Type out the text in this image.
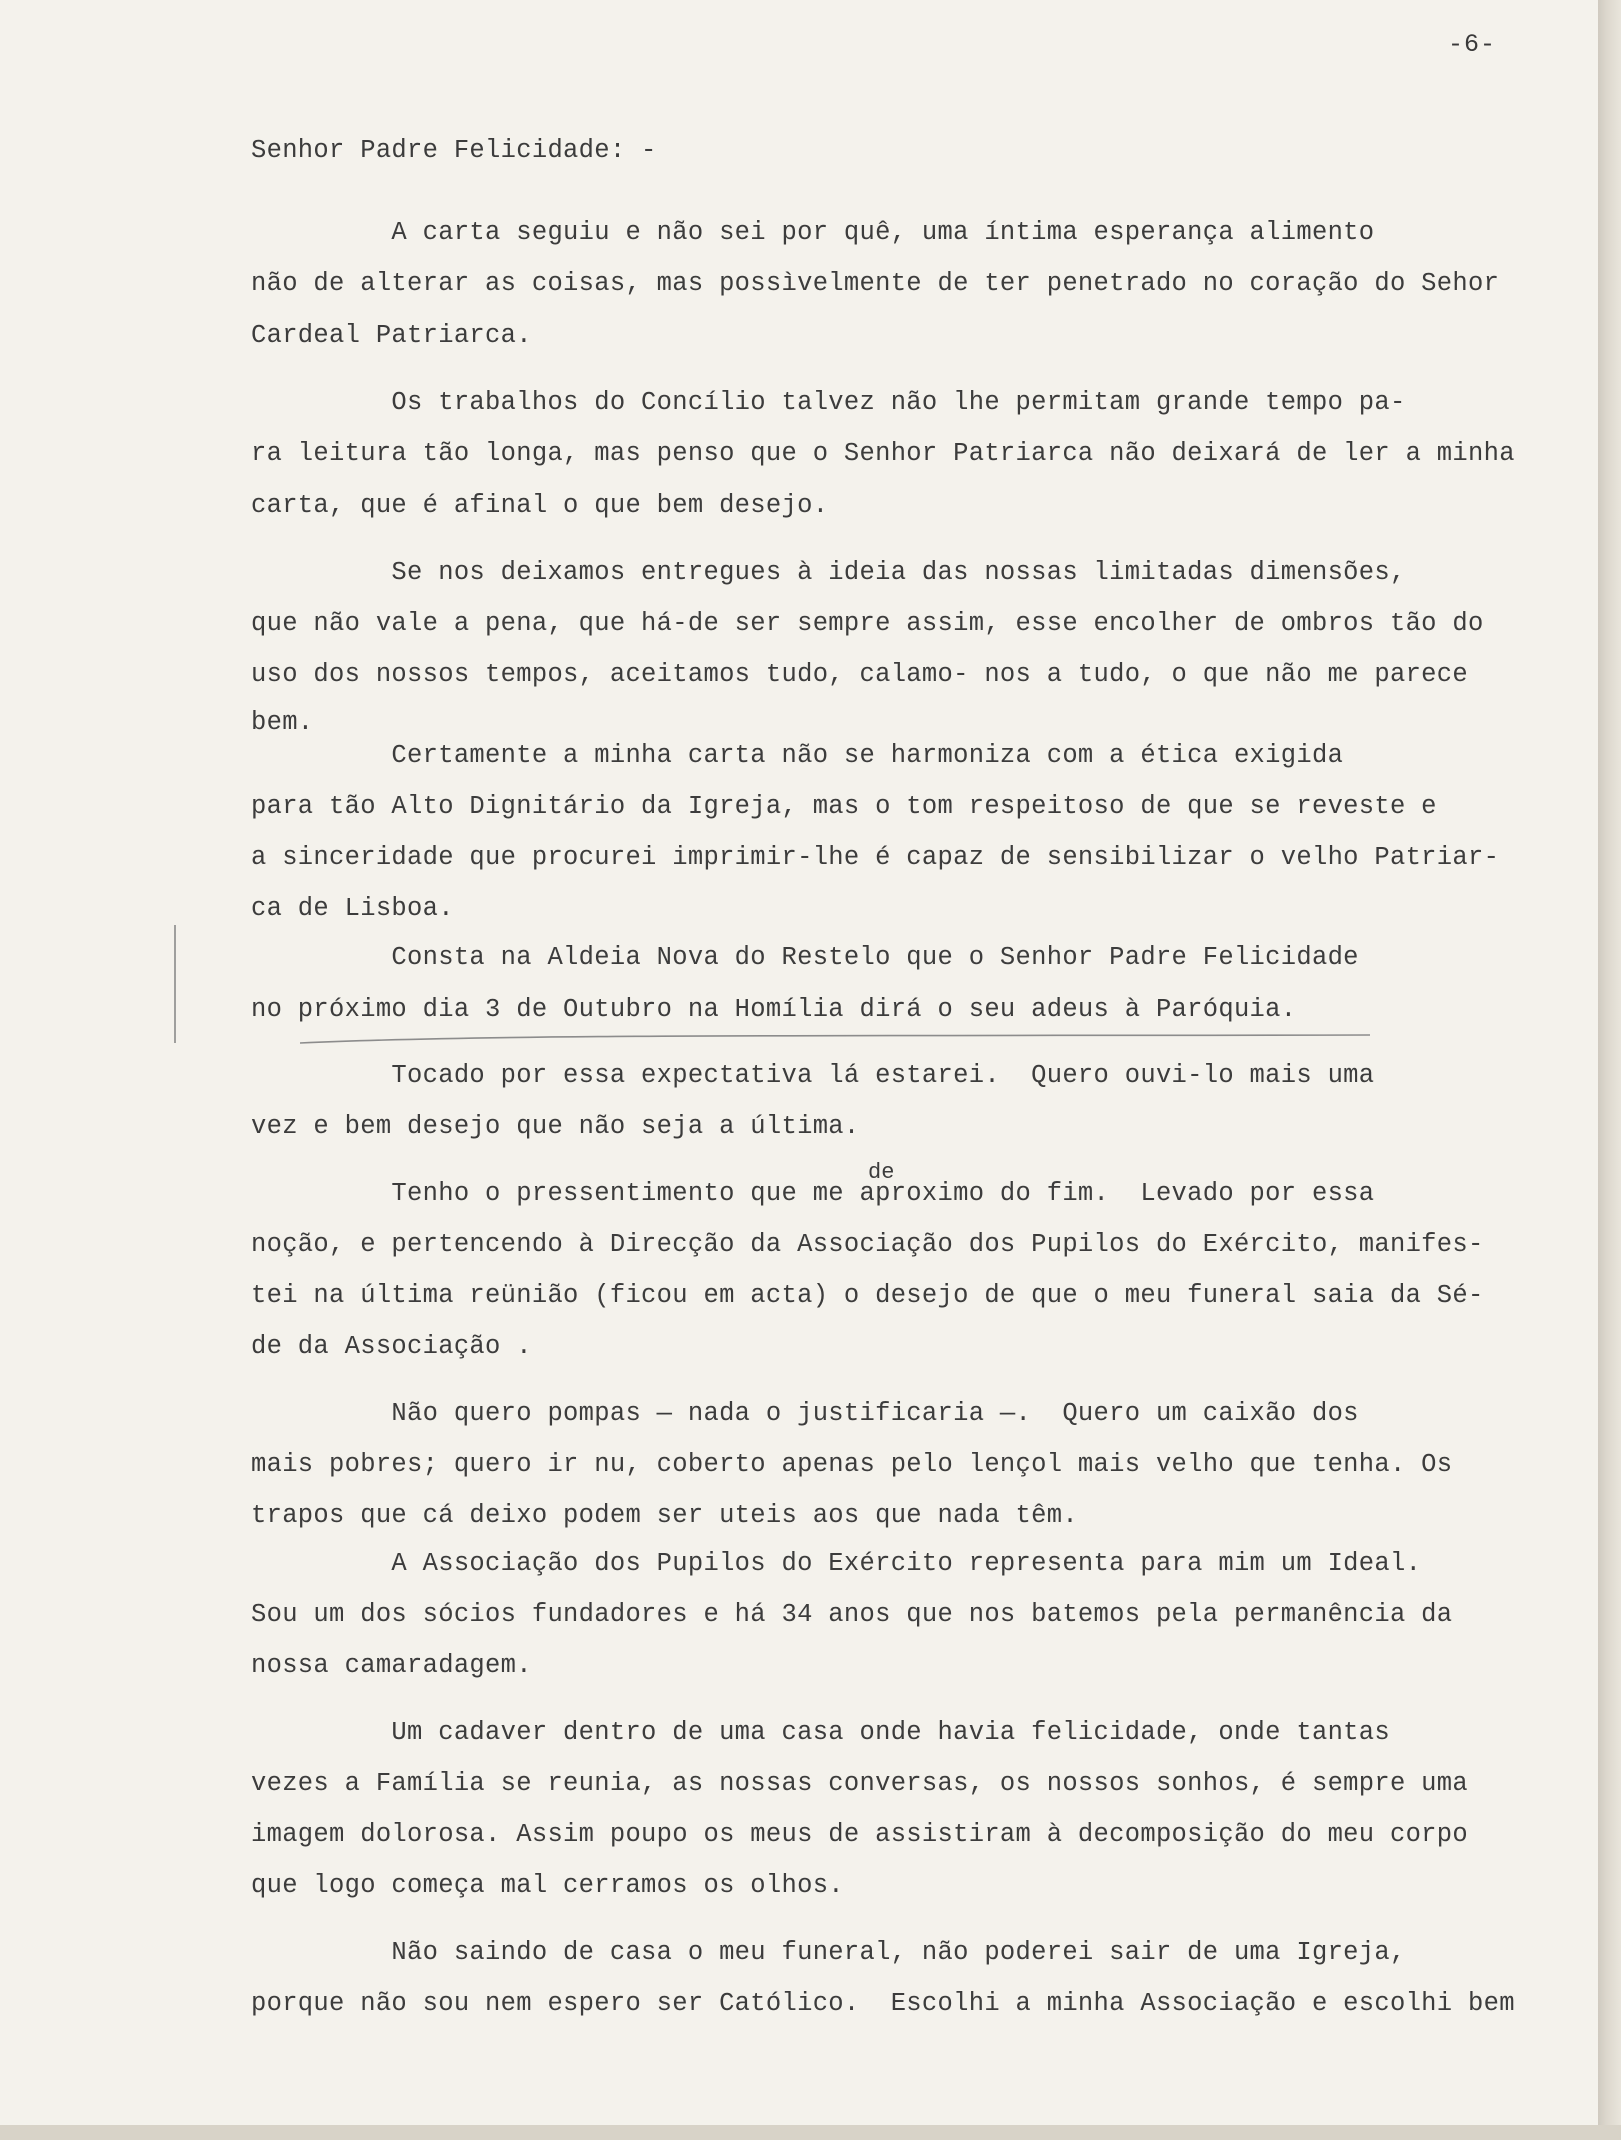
-6-
Senhor Padre Felicidade: -
A carta seguiu e não sei por quê, uma íntima esperança alimento
não de alterar as coisas, mas possìvelmente de ter penetrado no coração do Sehor
Cardeal Patriarca.
Os trabalhos do Concílio talvez não lhe permitam grande tempo pa-
ra leitura tão longa, mas penso que o Senhor Patriarca não deixará de ler a minha
carta, que é afinal o que bem desejo.
Se nos deixamos entregues à ideia das nossas limitadas dimensões,
que não vale a pena, que há-de ser sempre assim, esse encolher de ombros tão do
uso dos nossos tempos, aceitamos tudo, calamo- nos a tudo, o que não me parece
bem.
Certamente a minha carta não se harmoniza com a ética exigida
para tão Alto Dignitário da Igreja, mas o tom respeitoso de que se reveste e
a sinceridade que procurei imprimir-lhe é capaz de sensibilizar o velho Patriar-
ca de Lisboa.
Consta na Aldeia Nova do Restelo que o Senhor Padre Felicidade
no próximo dia 3 de Outubro na Homília dirá o seu adeus à Paróquia.
Tocado por essa expectativa lá estarei.  Quero ouvi-lo mais uma
vez e bem desejo que não seja a última.
Tenho o pressentimento que me aproximo do fim.  Levado por essa
noção, e pertencendo à Direcção da Associação dos Pupilos do Exército, manifes-
tei na última reünião (ficou em acta) o desejo de que o meu funeral saia da Sé-
de da Associação .
Não quero pompas — nada o justificaria —.  Quero um caixão dos
mais pobres; quero ir nu, coberto apenas pelo lençol mais velho que tenha. Os
trapos que cá deixo podem ser uteis aos que nada têm.
A Associação dos Pupilos do Exército representa para mim um Ideal.
Sou um dos sócios fundadores e há 34 anos que nos batemos pela permanência da
nossa camaradagem.
Um cadaver dentro de uma casa onde havia felicidade, onde tantas
vezes a Família se reunia, as nossas conversas, os nossos sonhos, é sempre uma
imagem dolorosa. Assim poupo os meus de assistiram à decomposição do meu corpo
que logo começa mal cerramos os olhos.
Não saindo de casa o meu funeral, não poderei sair de uma Igreja,
porque não sou nem espero ser Católico.  Escolhi a minha Associação e escolhi bem
de
